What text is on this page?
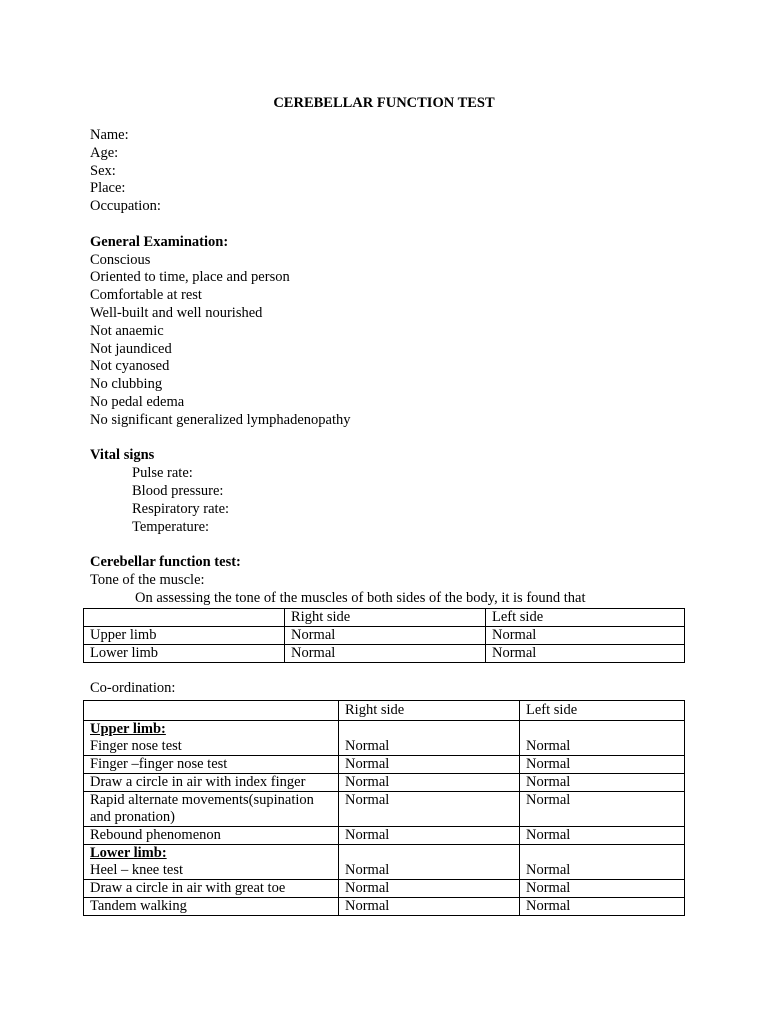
CEREBELLAR FUNCTION TEST
Name:
Age:
Sex:
Place:
Occupation:
General Examination:
Conscious
Oriented to time, place and person
Comfortable at rest
Well-built and well nourished
Not anaemic
Not jaundiced
Not cyanosed
No clubbing
No pedal edema
No significant generalized lymphadenopathy
Vital signs
Pulse rate:
Blood pressure:
Respiratory rate:
Temperature:
Cerebellar function test:
Tone of the muscle:
On assessing the tone of the muscles of both sides of the body, it is found that
	Right side	Left side
Upper limb	Normal	Normal
Lower limb	Normal	Normal
Co-ordination:
	Right side	Left side

Upper limb:
Finger nose test	Normal	Normal

Finger –finger nose test	Normal	Normal
Draw a circle in air with index finger	Normal	Normal
Rapid alternate movements(supination and pronation)	Normal	Normal
Rebound phenomenon	Normal	Normal

Lower limb:
Heel – knee test	Normal	Normal

Draw a circle in air with great toe	Normal	Normal
Tandem walking	Normal	Normal
